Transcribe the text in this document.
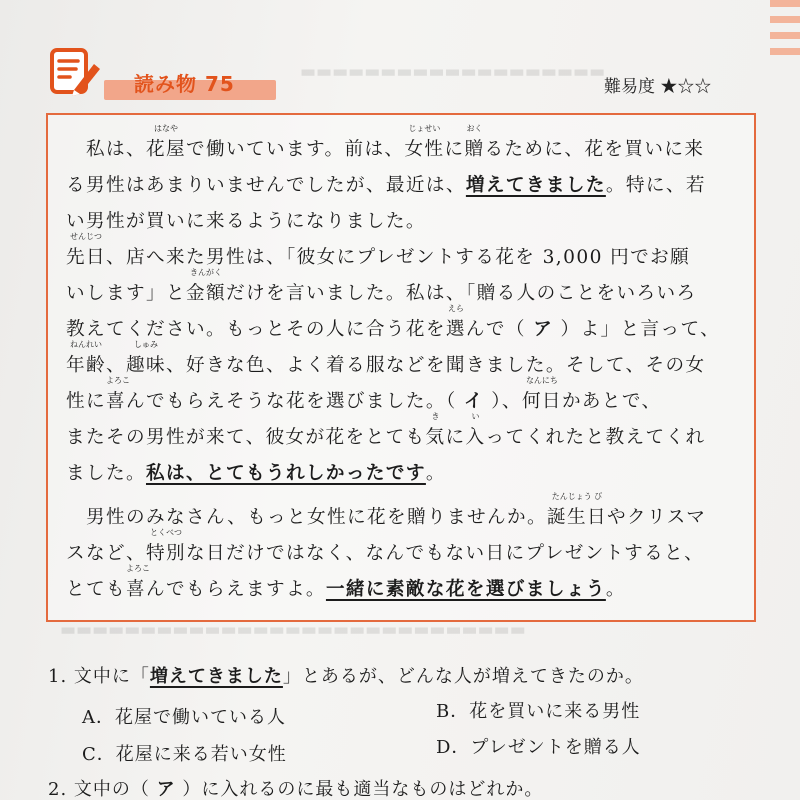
▬▬▬▬▬▬▬▬▬▬▬▬▬▬▬▬▬▬▬
▬▬▬▬▬▬▬▬▬▬▬▬▬▬▬▬▬▬▬▬▬▬▬▬▬▬▬▬▬
読み物 75	難易度 ★☆☆
私は、花屋
はなや
で働いています。前は、女性
じょせい
に贈
おく
るために、花を買いに来
る男性はあまりいませんでしたが、最近は、増えてきました。特に、若
い男性が買いに来るようになりました。
先日
せんじつ
、店へ来た男性は、「彼女にプレゼントする花を 3,000 円でお願
いします」と金額
きんがく
だけを言いました。私は、「贈る人のことをいろいろ
教えてください。もっとその人に合う花を選
えら
んで（ ア ）よ」と言って、
年齢
ねんれい
、趣味
しゅみ
、好きな色、よく着る服などを聞きました。そして、その女
性に喜
よろこ
んでもらえそうな花を選びました。（ イ ）、何日
なんにち
かあとで、
またその男性が来て、彼女が花をとても気
き
に入
い
ってくれたと教えてくれ
ました。私は、とてもうれしかったです。
男性のみなさん、もっと女性に花を贈りませんか。誕生日
たんじょう び
やクリスマ
スなど、特別
とくべつ
な日だけではなく、なんでもない日にプレゼントすると、
とても喜
よろこ
んでもらえますよ。一緒に素敵な花を選びましょう。
1. 文中に「増えてきました」とあるが、どんな人が増えてきたのか。
A．花屋で働いている人	B．花を買いに来る男性
C．花屋に来る若い女性	D．プレゼントを贈る人
2. 文中の（ ア ）に入れるのに最も適当なものはどれか。
